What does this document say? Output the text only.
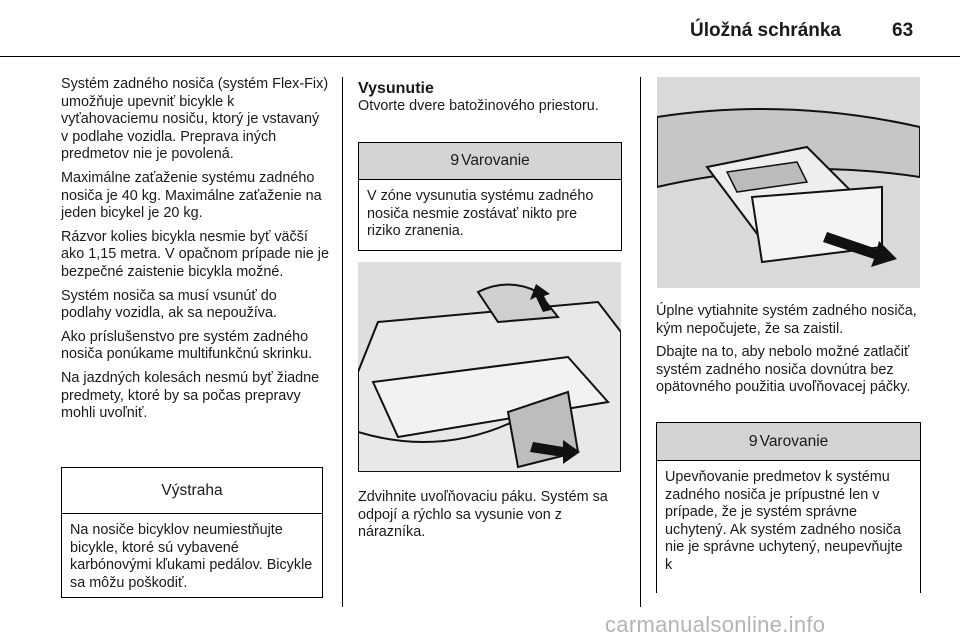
Úložná schránka	63

Systém zadného nosiča (systém Flex-Fix) umožňuje upevniť bicykle k vyťahovaciemu nosiču, ktorý je vstavaný v podlahe vozidla. Preprava iných predmetov nie je povolená.

Maximálne zaťaženie systému zadného nosiča je 40 kg. Maximálne zaťaženie na jeden bicykel je 20 kg.

Rázvor kolies bicykla nesmie byť väčší ako 1,15 metra. V opačnom prípade nie je bezpečné zaistenie bicykla možné.

Systém nosiča sa musí vsunúť do podlahy vozidla, ak sa nepoužíva.

Ako príslušenstvo pre systém zadného nosiča ponúkame multifunkčnú skrinku.

Na jazdných kolesách nesmú byť žiadne predmety, ktoré by sa počas prepravy mohli uvoľniť.

Výstraha
Na nosiče bicyklov neumiestňujte bicykle, ktoré sú vybavené karbónovými kľukami pedálov. Bicykle sa môžu poškodiť.
Vysunutie
Otvorte dvere batožinového priestoru.
9 Varovanie
V zóne vysunutia systému zadného nosiča nesmie zostávať nikto pre riziko zranenia.
Zdvihnite uvoľňovaciu páku. Systém sa odpojí a rýchlo sa vysunie von z nárazníka.

Úplne vytiahnite systém zadného nosiča, kým nepočujete, že sa zaistil.

Dbajte na to, aby nebolo možné zatlačiť systém zadného nosiča dovnútra bez opätovného použitia uvoľňovacej páčky.

9 Varovanie
Upevňovanie predmetov k systému zadného nosiča je prípustné len v prípade, že je systém správne uchytený. Ak systém zadného nosiča nie je správne uchytený, neupevňujte k
carmanualsonline.info
